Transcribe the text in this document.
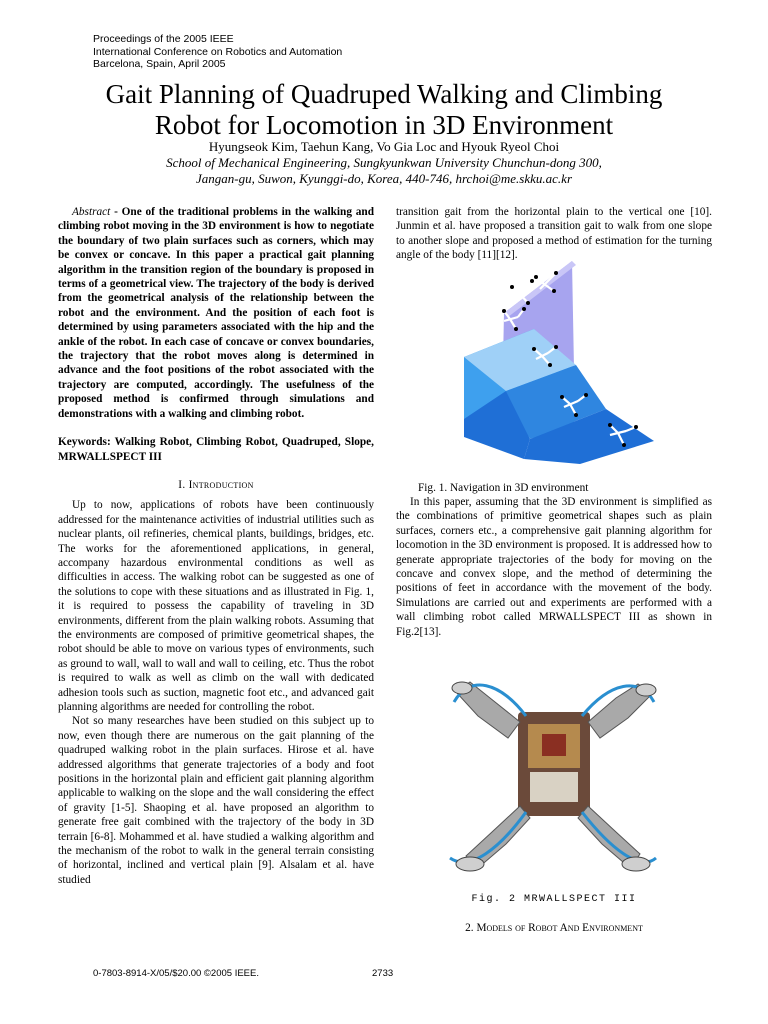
Proceedings of the 2005 IEEE
International Conference on Robotics and Automation
Barcelona, Spain, April 2005
Gait Planning of Quadruped Walking and Climbing
Robot for Locomotion in 3D Environment
Hyungseok Kim, Taehun Kang, Vo Gia Loc and Hyouk Ryeol Choi
School of Mechanical Engineering, Sungkyunkwan University Chunchun-dong 300,
Jangan-gu, Suwon, Kyunggi-do, Korea, 440-746, hrchoi@me.skku.ac.kr

Abstract - One of the traditional problems in the walking and climbing robot moving in the 3D environment is how to negotiate the boundary of two plain surfaces such as corners, which may be convex or concave. In this paper a practical gait planning algorithm in the transition region of the boundary is proposed in terms of a geometrical view. The trajectory of the body is derived from the geometrical analysis of the relationship between the robot and the environment. And the position of each foot is determined by using parameters associated with the hip and the ankle of the robot. In each case of concave or convex boundaries, the trajectory that the robot moves along is determined in advance and the foot positions of the robot associated with the trajectory are computed, accordingly. The usefulness of the proposed method is confirmed through simulations and demonstrations with a walking and climbing robot.

Keywords: Walking Robot, Climbing Robot, Quadruped, Slope, MRWALLSPECT III

I. Introduction

Up to now, applications of robots have been continuously addressed for the maintenance activities of industrial utilities such as nuclear plants, oil refineries, chemical plants, buildings, bridges, etc. The works for the aforementioned applications, in general, accompany hazardous environmental conditions as well as difficulties in access. The walking robot can be suggested as one of the solutions to cope with these situations and as illustrated in Fig. 1, it is required to possess the capability of traveling in 3D environments, different from the plain walking robots. Assuming that the environments are composed of primitive geometrical shapes, the robot should be able to move on various types of environments, such as ground to wall, wall to wall and wall to ceiling, etc. Thus the robot is required to walk as well as climb on the wall with dedicated adhesion tools such as suction, magnetic foot etc., and advanced gait planning algorithms are needed for controlling the robot.

Not so many researches have been studied on this subject up to now, even though there are numerous on the gait planning of the quadruped walking robot in the plain surfaces. Hirose et al. have addressed algorithms that generate trajectories of a body and foot positions in the horizontal plain and efficient gait planning algorithm applicable to walking on the slope and the wall considering the effect of gravity [1-5]. Shaoping et al. have proposed an algorithm to generate free gait combined with the trajectory of the body in 3D terrain [6-8]. Mohammed et al. have studied a walking algorithm and the mechanism of the robot to walk in the general terrain consisting of horizontal, inclined and vertical plain [9]. Alsalam et al. have studied

transition gait from the horizontal plain to the vertical one [10]. Junmin et al. have proposed a transition gait to walk from one slope to another slope and proposed a method of estimation for the turning angle of the body [11][12].

Fig. 1. Navigation in 3D environment

In this paper, assuming that the 3D environment is simplified as the combinations of primitive geometrical shapes such as plain surfaces, corners etc., a comprehensive gait planning algorithm for locomotion in the 3D environment is proposed. It is addressed how to generate appropriate trajectories of the body for moving on the concave and convex slope, and the method of determining the positions of feet in accordance with the movement of the body. Simulations are carried out and experiments are performed with a wall climbing robot called MRWALLSPECT III as shown in Fig.2[13].

Fig. 2 MRWALLSPECT III
2. Models of Robot And Environment
0-7803-8914-X/05/$20.00 ©2005 IEEE.	2733
